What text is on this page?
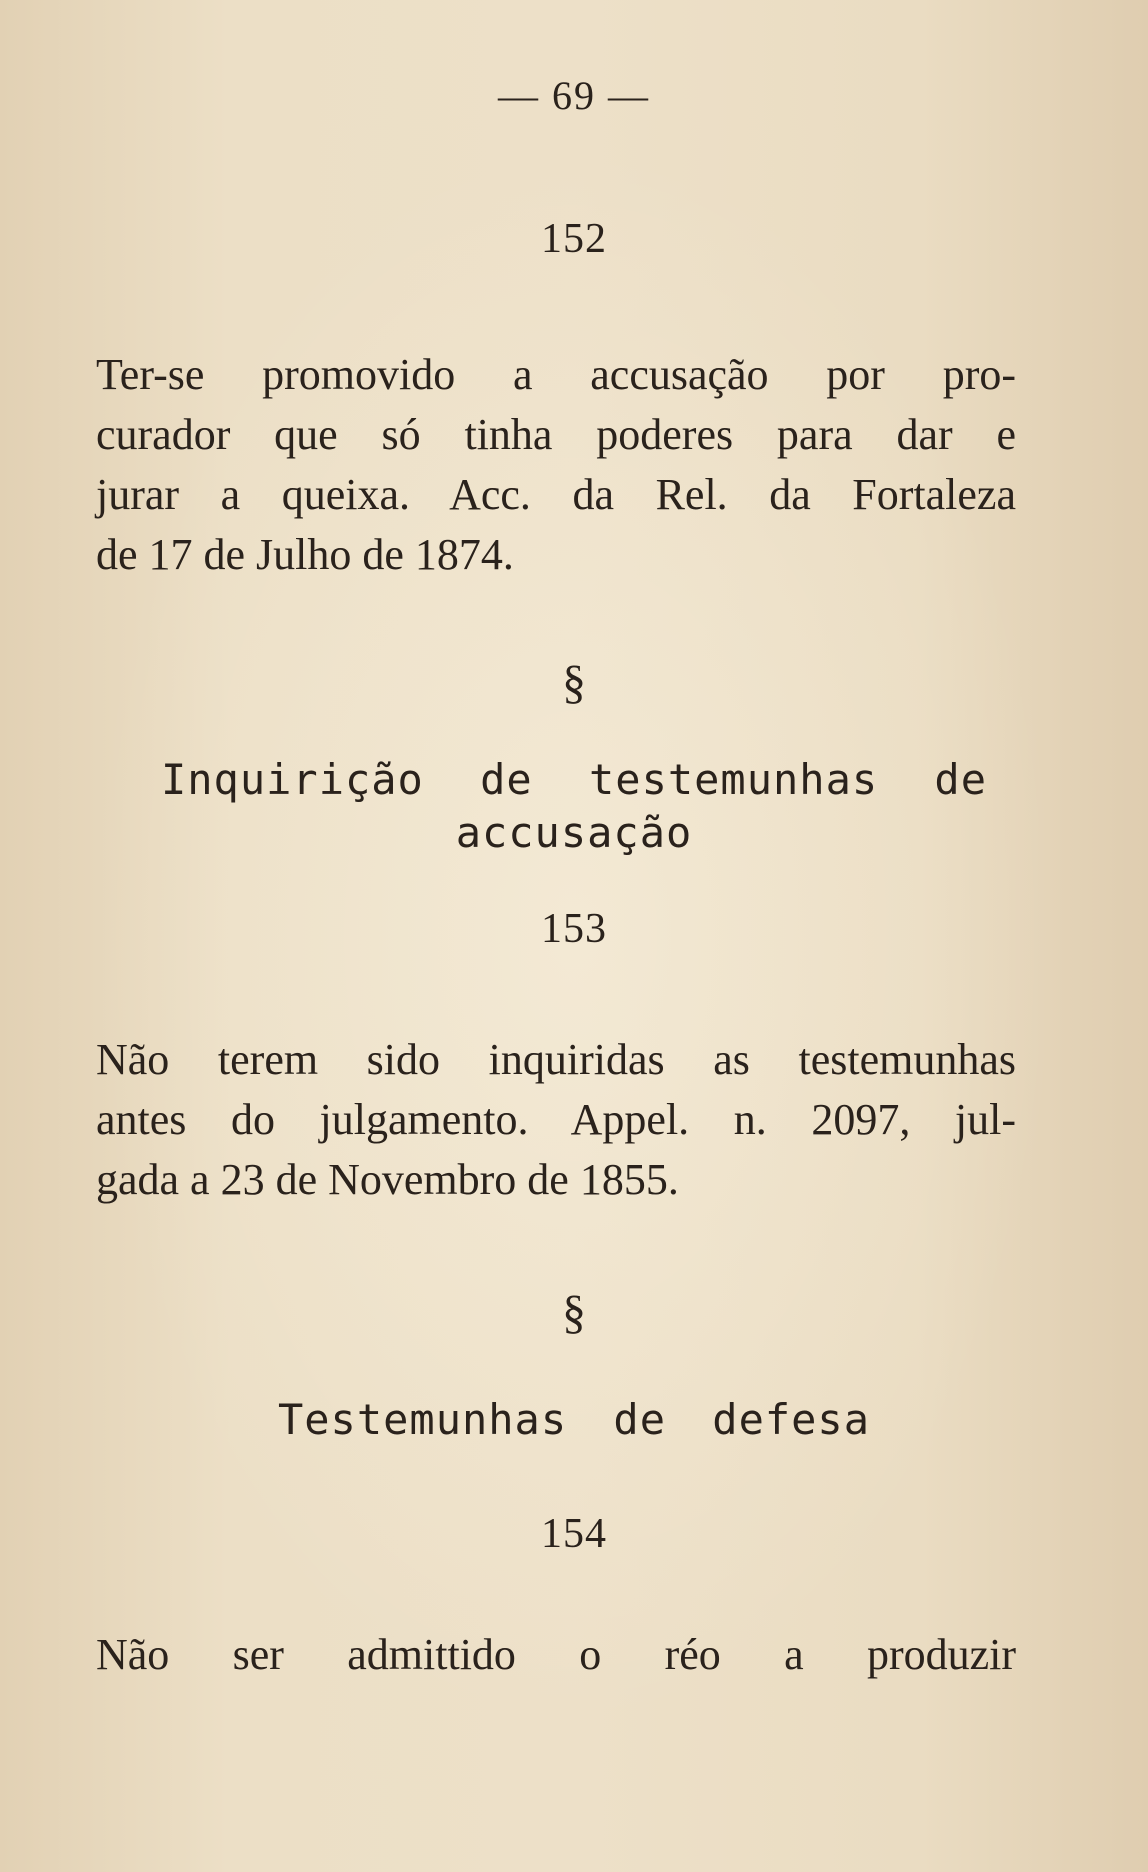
— 69 —
152
Ter-se promovido a accusação por pro-
curador que só tinha poderes para dar e
jurar a queixa. Acc. da Rel. da Fortaleza
de 17 de Julho de 1874.
§
Inquirição de testemunhas de
accusação
153
Não terem sido inquiridas as testemunhas
antes do julgamento. Appel. n. 2097, jul-
gada a 23 de Novembro de 1855.
§
Testemunhas de defesa
154
Não ser admittido o réo a produzir
